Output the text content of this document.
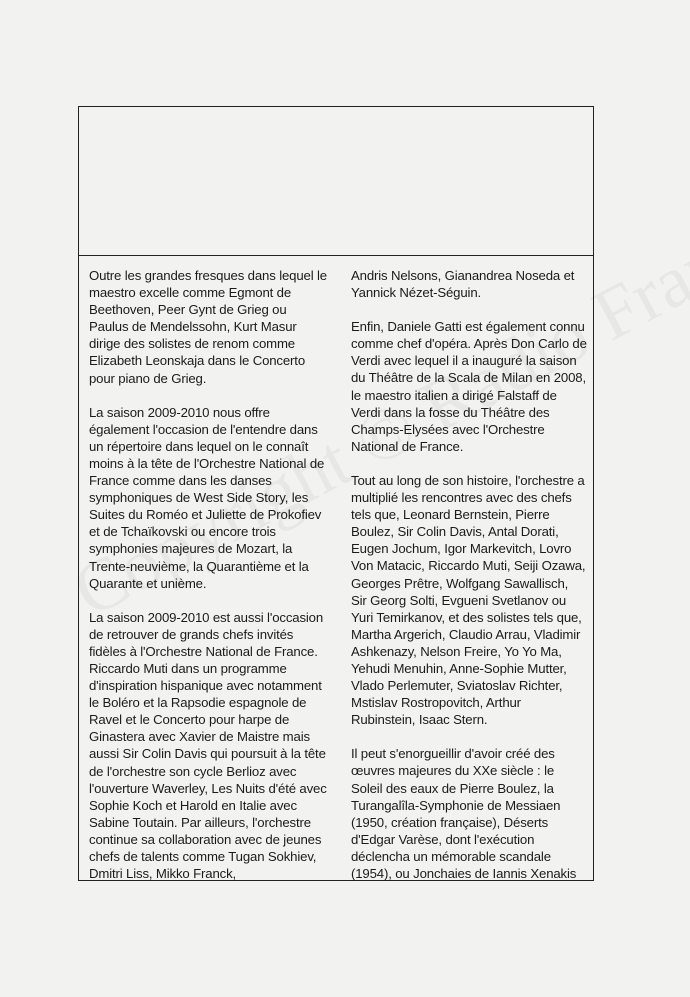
Outre les grandes fresques dans lequel le maestro excelle comme Egmont de Beethoven, Peer Gynt de Grieg ou Paulus de Mendelssohn, Kurt Masur dirige des solistes de renom comme Elizabeth Leonskaja dans le Concerto pour piano de Grieg.

La saison 2009-2010 nous offre également l'occasion de l'entendre dans un répertoire dans lequel on le connaît moins à la tête de l'Orchestre National de France comme dans les danses symphoniques de West Side Story, les Suites du Roméo et Juliette de Prokofiev et de Tchaïkovski ou encore trois symphonies majeures de Mozart, la Trente-neuvième, la Quarantième et la Quarante et unième.

La saison 2009-2010 est aussi l'occasion de retrouver de grands chefs invités fidèles à l'Orchestre National de France. Riccardo Muti dans un programme d'inspiration hispanique avec notamment le Boléro et la Rapsodie espagnole de Ravel et le Concerto pour harpe de Ginastera avec Xavier de Maistre mais aussi Sir Colin Davis qui poursuit à la tête de l'orchestre son cycle Berlioz avec l'ouverture Waverley, Les Nuits d'été avec Sophie Koch et Harold en Italie avec Sabine Toutain. Par ailleurs, l'orchestre continue sa collaboration avec de jeunes chefs de talents comme Tugan Sokhiev, Dmitri Liss, Mikko Franck,

Andris Nelsons, Gianandrea Noseda et Yannick Nézet-Séguin.

Enfin, Daniele Gatti est également connu comme chef d'opéra. Après Don Carlo de Verdi avec lequel il a inauguré la saison du Théâtre de la Scala de Milan en 2008, le maestro italien a dirigé Falstaff de Verdi dans la fosse du Théâtre des Champs-Elysées avec l'Orchestre National de France.

Tout au long de son histoire, l'orchestre a multiplié les rencontres avec des chefs tels que, Leonard Bernstein, Pierre Boulez, Sir Colin Davis, Antal Dorati, Eugen Jochum, Igor Markevitch, Lovro Von Matacic, Riccardo Muti, Seiji Ozawa, Georges Prêtre, Wolfgang Sawallisch, Sir Georg Solti, Evgueni Svetlanov ou Yuri Temirkanov, et des solistes tels que, Martha Argerich, Claudio Arrau, Vladimir Ashkenazy, Nelson Freire, Yo Yo Ma, Yehudi Menuhin, Anne-Sophie Mutter, Vlado Perlemuter, Sviatoslav Richter, Mstislav Rostropovitch, Arthur Rubinstein, Isaac Stern.

Il peut s'enorgueillir d'avoir créé des œuvres majeures du XXe siècle : le Soleil des eaux de Pierre Boulez, la Turangalîla-Symphonie de Messiaen (1950, création française), Déserts d'Edgar Varèse, dont l'exécution déclencha un mémorable scandale (1954), ou Jonchaies de Iannis Xenakis
